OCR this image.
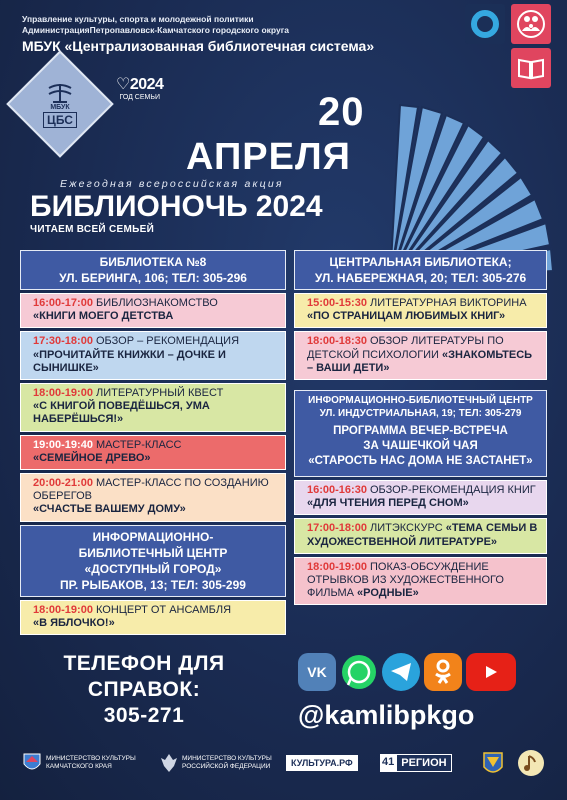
Управление культуры, спорта и молодежной политики
АдминистрацияПетропавловск-Камчатского городского округа
МБУК «Централизованная библиотечная система»
МБУК
ЦБС
♡2024
ГОД СЕМЬИ	20
АПРЕЛЯ
Ежегодная всероссийская акция
БИБЛИОНОЧЬ 2024
ЧИТАЕМ ВСЕЙ СЕМЬЕЙ
БИБЛИОТЕКА №8
УЛ. БЕРИНГА, 106; ТЕЛ: 305-296
16:00-17:00 БИБЛИОЗНАКОМСТВО
«КНИГИ МОЕГО ДЕТСТВА
17:30-18:00 ОБЗОР – РЕКОМЕНДАЦИЯ
«ПРОЧИТАЙТЕ КНИЖКИ – ДОЧКЕ И СЫНИШКЕ»
18:00-19:00 ЛИТЕРАТУРНЫЙ КВЕСТ
«С КНИГОЙ ПОВЕДЁШЬСЯ, УМА НАБЕРЁШЬСЯ!»
19:00-19:40 МАСТЕР-КЛАСС
«СЕМЕЙНОЕ ДРЕВО»
20:00-21:00 МАСТЕР-КЛАСС ПО СОЗДАНИЮ ОБЕРЕГОВ
«СЧАСТЬЕ ВАШЕМУ ДОМУ»
ИНФОРМАЦИОННО-
БИБЛИОТЕЧНЫЙ ЦЕНТР
«ДОСТУПНЫЙ ГОРОД»
ПР. РЫБАКОВ, 13; ТЕЛ: 305-299
18:00-19:00 КОНЦЕРТ ОТ АНСАМБЛЯ
«В ЯБЛОЧКО!»
ЦЕНТРАЛЬНАЯ БИБЛИОТЕКА;
УЛ. НАБЕРЕЖНАЯ, 20; ТЕЛ: 305-276
15:00-15:30 ЛИТЕРАТУРНАЯ ВИКТОРИНА «ПО СТРАНИЦАМ ЛЮБИМЫХ КНИГ»
18:00-18:30 ОБЗОР ЛИТЕРАТУРЫ ПО ДЕТСКОЙ ПСИХОЛОГИИ «ЗНАКОМЬТЕСЬ – ВАШИ ДЕТИ»
ИНФОРМАЦИОННО-БИБЛИОТЕЧНЫЙ ЦЕНТР
УЛ. ИНДУСТРИАЛЬНАЯ, 19; ТЕЛ: 305-279
ПРОГРАММА ВЕЧЕР-ВСТРЕЧА
ЗА ЧАШЕЧКОЙ ЧАЯ
«СТАРОСТЬ НАС ДОМА НЕ ЗАСТАНЕТ»
16:00-16:30 ОБЗОР-РЕКОМЕНДАЦИЯ КНИГ «ДЛЯ ЧТЕНИЯ ПЕРЕД СНОМ»
17:00-18:00 ЛИТЭКСКУРС «ТЕМА СЕМЬИ В ХУДОЖЕСТВЕННОЙ ЛИТЕРАТУРЕ»
18:00-19:00 ПОКАЗ-ОБСУЖДЕНИЕ ОТРЫВКОВ ИЗ ХУДОЖЕСТВЕННОГО ФИЛЬМА «РОДНЫЕ»
ТЕЛЕФОН ДЛЯ
СПРАВОК:
305-271
VK
@kamlibpkgo
МИНИСТЕРСТВО КУЛЬТУРЫ
КАМЧАТСКОГО КРАЯ
МИНИСТЕРСТВО КУЛЬТУРЫ
РОССИЙСКОЙ ФЕДЕРАЦИИ	КУЛЬТУРА.РФ	41 РЕГИОН
